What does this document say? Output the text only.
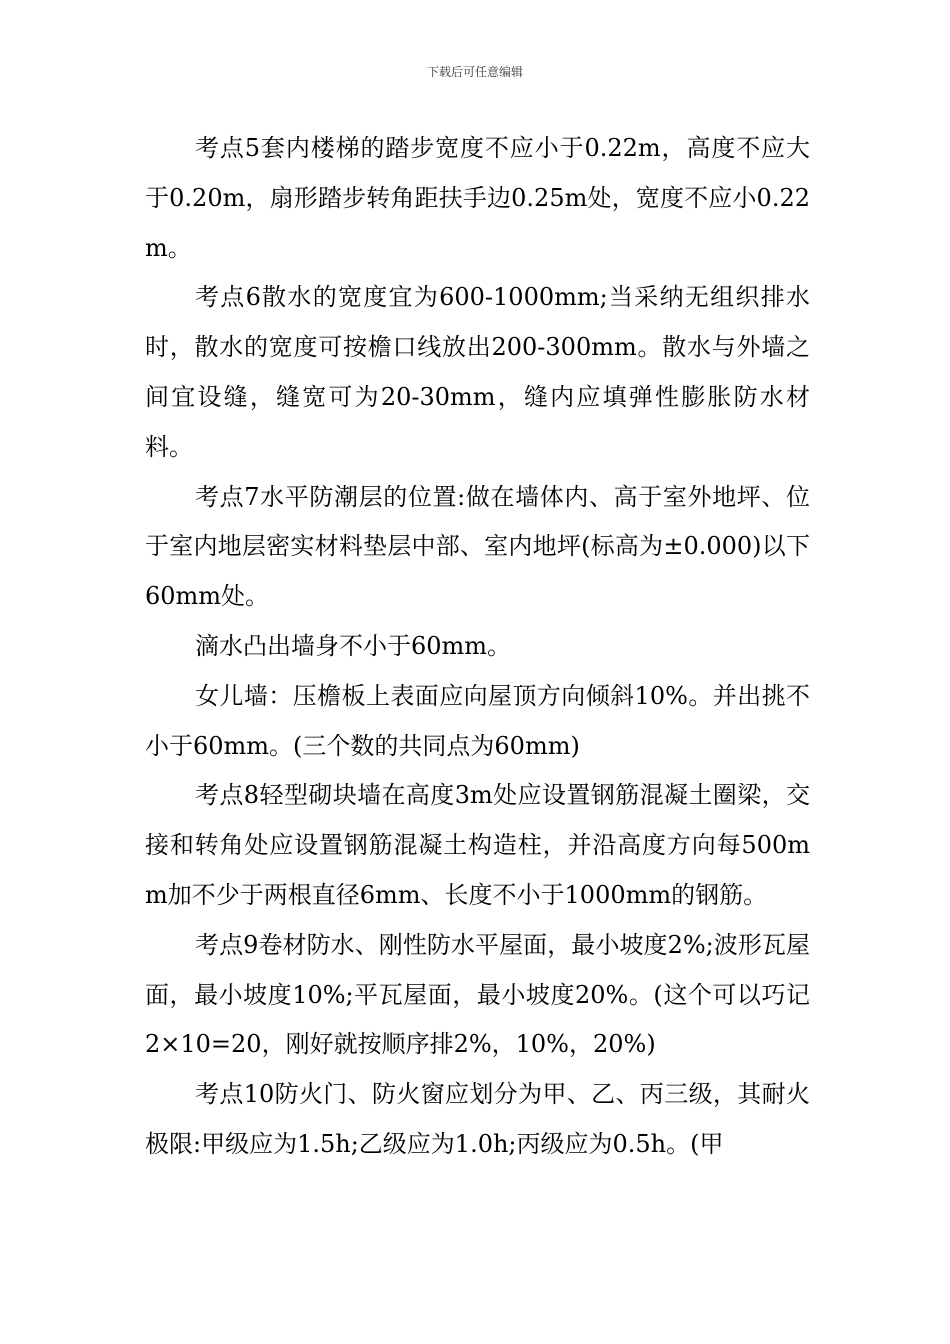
下载后可任意编辑

考点5套内楼梯的踏步宽度不应小于0.22m，高度不应大于0.20m，扇形踏步转角距扶手边0.25m处，宽度不应小0.22m。

考点6散水的宽度宜为600-1000mm;当采纳无组织排水时，散水的宽度可按檐口线放出200-300mm。散水与外墙之间宜设缝，缝宽可为20-30mm，缝内应填弹性膨胀防水材料。

考点7水平防潮层的位置:做在墙体内、高于室外地坪、位于室内地层密实材料垫层中部、室内地坪(标高为±0.000)以下60mm处。

滴水凸出墙身不小于60mm。

女儿墙：压檐板上表面应向屋顶方向倾斜10%。并出挑不小于60mm。(三个数的共同点为60mm)

考点8轻型砌块墙在高度3m处应设置钢筋混凝土圈梁，交接和转角处应设置钢筋混凝土构造柱，并沿高度方向每500mm加不少于两根直径6mm、长度不小于1000mm的钢筋。

考点9卷材防水、刚性防水平屋面，最小坡度2%;波形瓦屋面，最小坡度10%;平瓦屋面，最小坡度20%。(这个可以巧记2×10=20，刚好就按顺序排2%，10%，20%)

考点10防火门、防火窗应划分为甲、乙、丙三级，其耐火极限:甲级应为1.5h;乙级应为1.0h;丙级应为0.5h。(甲
